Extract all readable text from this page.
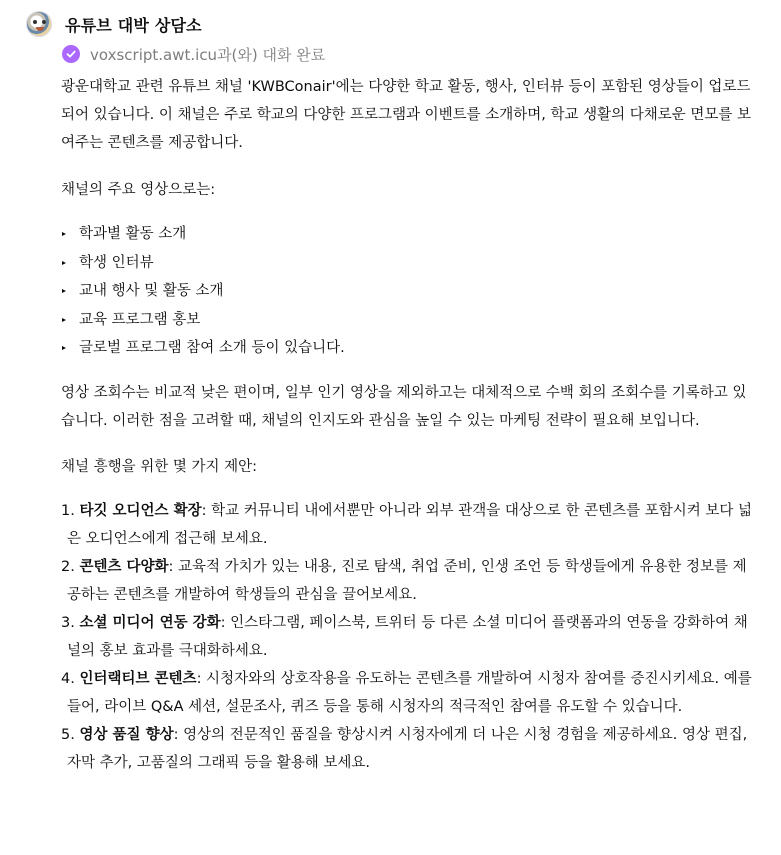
유튜브 대박 상담소
voxscript.awt.icu과(와) 대화 완료

광운대학교 관련 유튜브 채널 'KWBConair'에는 다양한 학교 활동, 행사, 인터뷰 등이 포함된 영상들이 업로드되어 있습니다. 이 채널은 주로 학교의 다양한 프로그램과 이벤트를 소개하며, 학교 생활의 다채로운 면모를 보여주는 콘텐츠를 제공합니다.

채널의 주요 영상으로는:

학과별 활동 소개
학생 인터뷰
교내 행사 및 활동 소개
교육 프로그램 홍보
글로벌 프로그램 참여 소개 등이 있습니다.

영상 조회수는 비교적 낮은 편이며, 일부 인기 영상을 제외하고는 대체적으로 수백 회의 조회수를 기록하고 있습니다. 이러한 점을 고려할 때, 채널의 인지도와 관심을 높일 수 있는 마케팅 전략이 필요해 보입니다.

채널 흥행을 위한 몇 가지 제안:

1. 타깃 오디언스 확장: 학교 커뮤니티 내에서뿐만 아니라 외부 관객을 대상으로 한 콘텐츠를 포함시켜 보다 넓은 오디언스에게 접근해 보세요.
2. 콘텐츠 다양화: 교육적 가치가 있는 내용, 진로 탐색, 취업 준비, 인생 조언 등 학생들에게 유용한 정보를 제공하는 콘텐츠를 개발하여 학생들의 관심을 끌어보세요.
3. 소셜 미디어 연동 강화: 인스타그램, 페이스북, 트위터 등 다른 소셜 미디어 플랫폼과의 연동을 강화하여 채널의 홍보 효과를 극대화하세요.
4. 인터랙티브 콘텐츠: 시청자와의 상호작용을 유도하는 콘텐츠를 개발하여 시청자 참여를 증진시키세요. 예를 들어, 라이브 Q&A 세션, 설문조사, 퀴즈 등을 통해 시청자의 적극적인 참여를 유도할 수 있습니다.
5. 영상 품질 향상: 영상의 전문적인 품질을 향상시켜 시청자에게 더 나은 시청 경험을 제공하세요. 영상 편집, 자막 추가, 고품질의 그래픽 등을 활용해 보세요.
